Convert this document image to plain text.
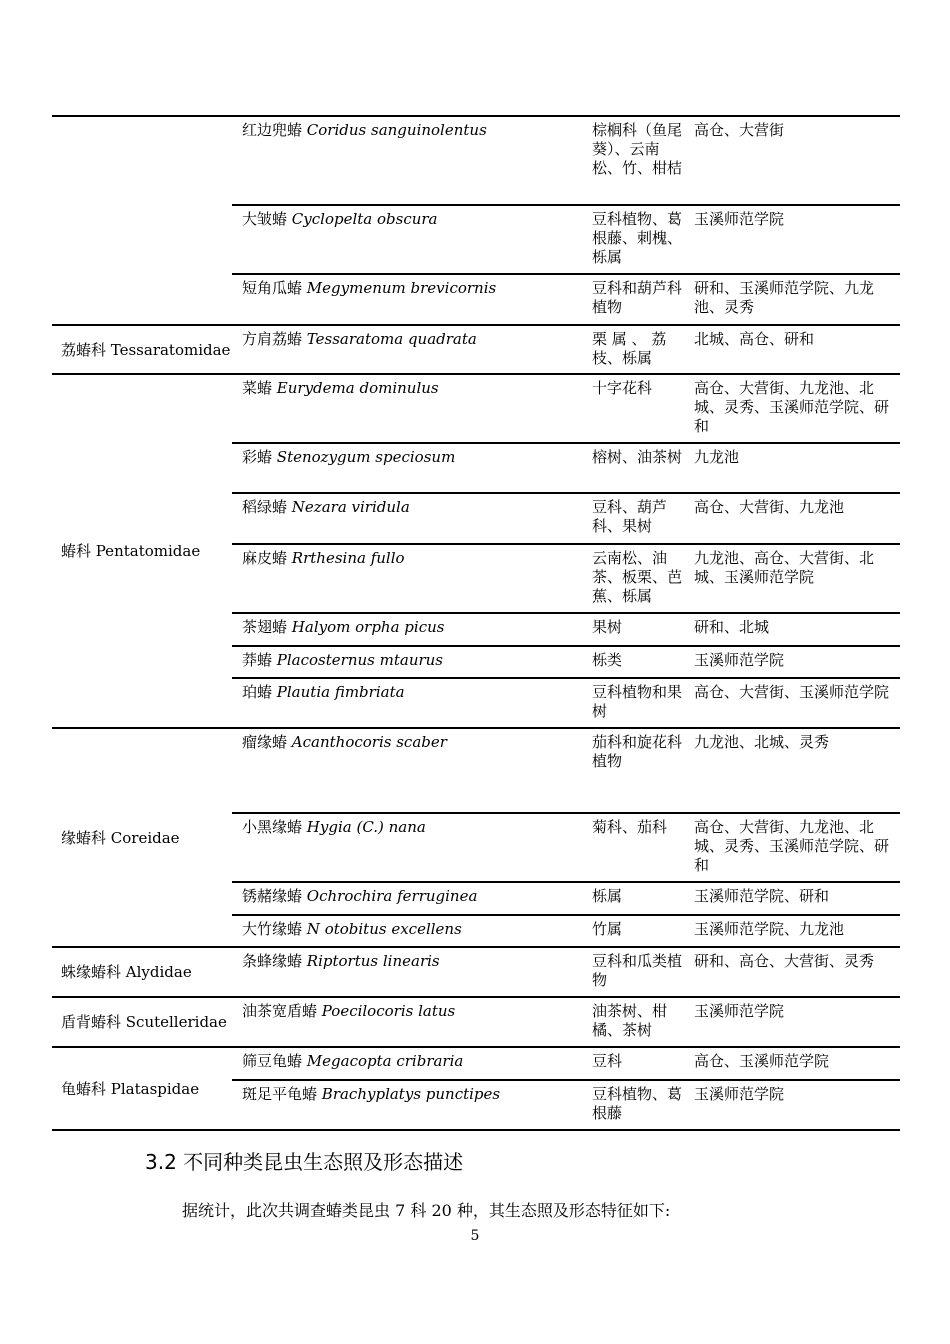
	红边兜蝽 Coridus sanguinolentus	棕榈科（鱼尾葵）、云南松、竹、柑桔	高仓、大营街
	大皱蝽 Cyclopelta obscura	豆科植物、葛根藤、刺槐、栎属	玉溪师范学院
	短角瓜蝽 Megymenum brevicornis	豆科和葫芦科植物	研和、玉溪师范学院、九龙池、灵秀
荔蝽科 Tessaratomidae	方肩荔蝽 Tessaratoma quadrata	栗 属 、 荔枝、栎属	北城、高仓、研和
蝽科 Pentatomidae	菜蝽 Eurydema dominulus	十字花科	高仓、大营街、九龙池、北城、灵秀、玉溪师范学院、研和
	彩蝽 Stenozygum speciosum	榕树、油茶树	九龙池
	稻绿蝽 Nezara viridula	豆科、葫芦科、果树	高仓、大营街、九龙池
	麻皮蝽 Rrthesina fullo	云南松、油茶、板栗、芭蕉、栎属	九龙池、高仓、大营街、北城、玉溪师范学院
	茶翅蝽 Halyom orpha picus	果树	研和、北城
	莽蝽 Placosternus mtaurus	栎类	玉溪师范学院
	珀蝽 Plautia fimbriata	豆科植物和果树	高仓、大营街、玉溪师范学院
缘蝽科 Coreidae	瘤缘蝽 Acanthocoris scaber	茄科和旋花科植物	九龙池、北城、灵秀
	小黑缘蝽 Hygia (C.) nana	菊科、茄科	高仓、大营街、九龙池、北城、灵秀、玉溪师范学院、研和
	锈赭缘蝽 Ochrochira ferruginea	栎属	玉溪师范学院、研和
	大竹缘蝽 N otobitus excellens	竹属	玉溪师范学院、九龙池
蛛缘蝽科 Alydidae	条蜂缘蝽 Riptortus linearis	豆科和瓜类植物	研和、高仓、大营街、灵秀
盾背蝽科 Scutelleridae	油茶宽盾蝽 Poecilocoris latus	油茶树、柑橘、茶树	玉溪师范学院
龟蝽科 Plataspidae	筛豆龟蝽 Megacopta cribraria	豆科	高仓、玉溪师范学院
	斑足平龟蝽 Brachyplatys punctipes	豆科植物、葛根藤	玉溪师范学院
3.2 不同种类昆虫生态照及形态描述
据统计，此次共调查蝽类昆虫 7 科 20 种，其生态照及形态特征如下:
5
